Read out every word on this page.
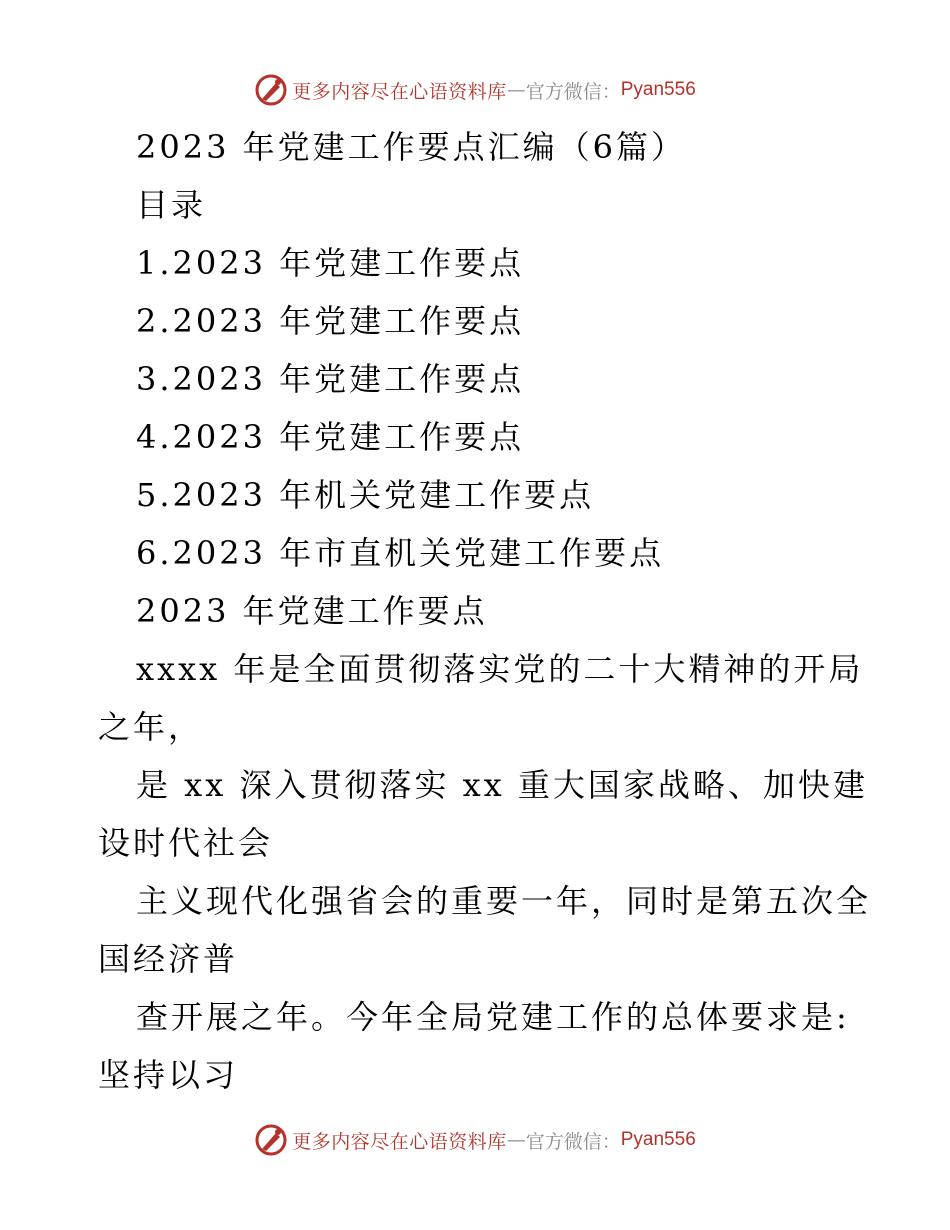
更多内容尽在心语资料库 — 官方微信： Pyan556
2023 年党建工作要点汇编（6篇）
目录
1.2023 年党建工作要点
2.2023 年党建工作要点
3.2023 年党建工作要点
4.2023 年党建工作要点
5.2023 年机关党建工作要点
6.2023 年市直机关党建工作要点
2023 年党建工作要点
xxxx 年是全面贯彻落实党的二十大精神的开局
之年，
是 xx 深入贯彻落实 xx 重大国家战略、加快建
设时代社会
主义现代化强省会的重要一年，同时是第五次全
国经济普
查开展之年。今年全局党建工作的总体要求是:
坚持以习
更多内容尽在心语资料库 — 官方微信： Pyan556
